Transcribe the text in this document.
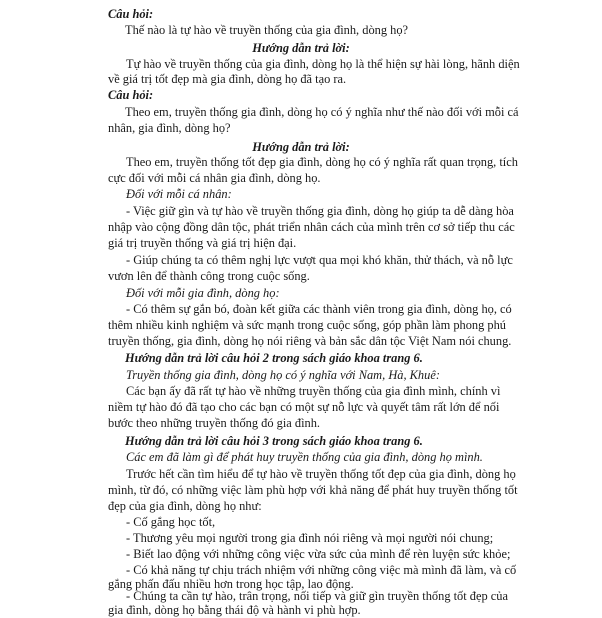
Câu hỏi:
Thế nào là tự hào về truyền thống của gia đình, dòng họ?
Hướng dẫn trả lời:
Tự hào về truyền thống của gia đình, dòng họ là thể hiện sự hài lòng, hãnh diện
về giá trị tốt đẹp mà gia đình, dòng họ đã tạo ra.
Câu hỏi:
Theo em, truyền thống gia đình, dòng họ có ý nghĩa như thế nào đối với mỗi cá
nhân, gia đình, dòng họ?
Hướng dẫn trả lời:
Theo em, truyền thống tốt đẹp gia đình, dòng họ có ý nghĩa rất quan trọng, tích
cực đối với mỗi cá nhân gia đình, dòng họ.
Đối với mỗi cá nhân:
- Việc giữ gìn và tự hào về truyền thống gia đình, dòng họ giúp ta dễ dàng hòa
nhập vào cộng đồng dân tộc, phát triển nhân cách của mình trên cơ sở tiếp thu các
giá trị truyền thống và giá trị hiện đại.
- Giúp chúng ta có thêm nghị lực vượt qua mọi khó khăn, thử thách, và nỗ lực
vươn lên để thành công trong cuộc sống.
Đối với mỗi gia đình, dòng họ:
- Có thêm sự gắn bó, đoàn kết giữa các thành viên trong gia đình, dòng họ, có
thêm nhiều kinh nghiệm và sức mạnh trong cuộc sống, góp phần làm phong phú
truyền thống, gia đình, dòng họ nói riêng và bản sắc dân tộc Việt Nam nói chung.
Hướng dẫn trả lời câu hỏi 2 trong sách giáo khoa trang 6.
Truyền thống gia đình, dòng họ có ý nghĩa với Nam, Hà, Khuê:
Các bạn ấy đã rất tự hào về những truyền thống của gia đình mình, chính vì
niềm tự hào đó đã tạo cho các bạn có một sự nỗ lực và quyết tâm rất lớn để nối
bước theo những truyền thống đó gia đình.
Hướng dẫn trả lời câu hỏi 3 trong sách giáo khoa trang 6.
Các em đã làm gì để phát huy truyền thống của gia đình, dòng họ mình.
Trước hết cần tìm hiểu để tự hào về truyền thống tốt đẹp của gia đình, dòng họ
mình, từ đó, có những việc làm phù hợp với khả năng để phát huy truyền thống tốt
đẹp của gia đình, dòng họ như:
- Cố gắng học tốt,
- Thương yêu mọi người trong gia đình nói riêng và mọi người nói chung;
- Biết lao động với những công việc vừa sức của mình để rèn luyện sức khỏe;
- Có khả năng tự chịu trách nhiệm với những công việc mà mình đã làm, và cố
gắng phấn đấu nhiều hơn trong học tập, lao động.
- Chúng ta cần tự hào, trân trọng, nối tiếp và giữ gìn truyền thống tốt đẹp của
gia đình, dòng họ bằng thái độ và hành vi phù hợp.
